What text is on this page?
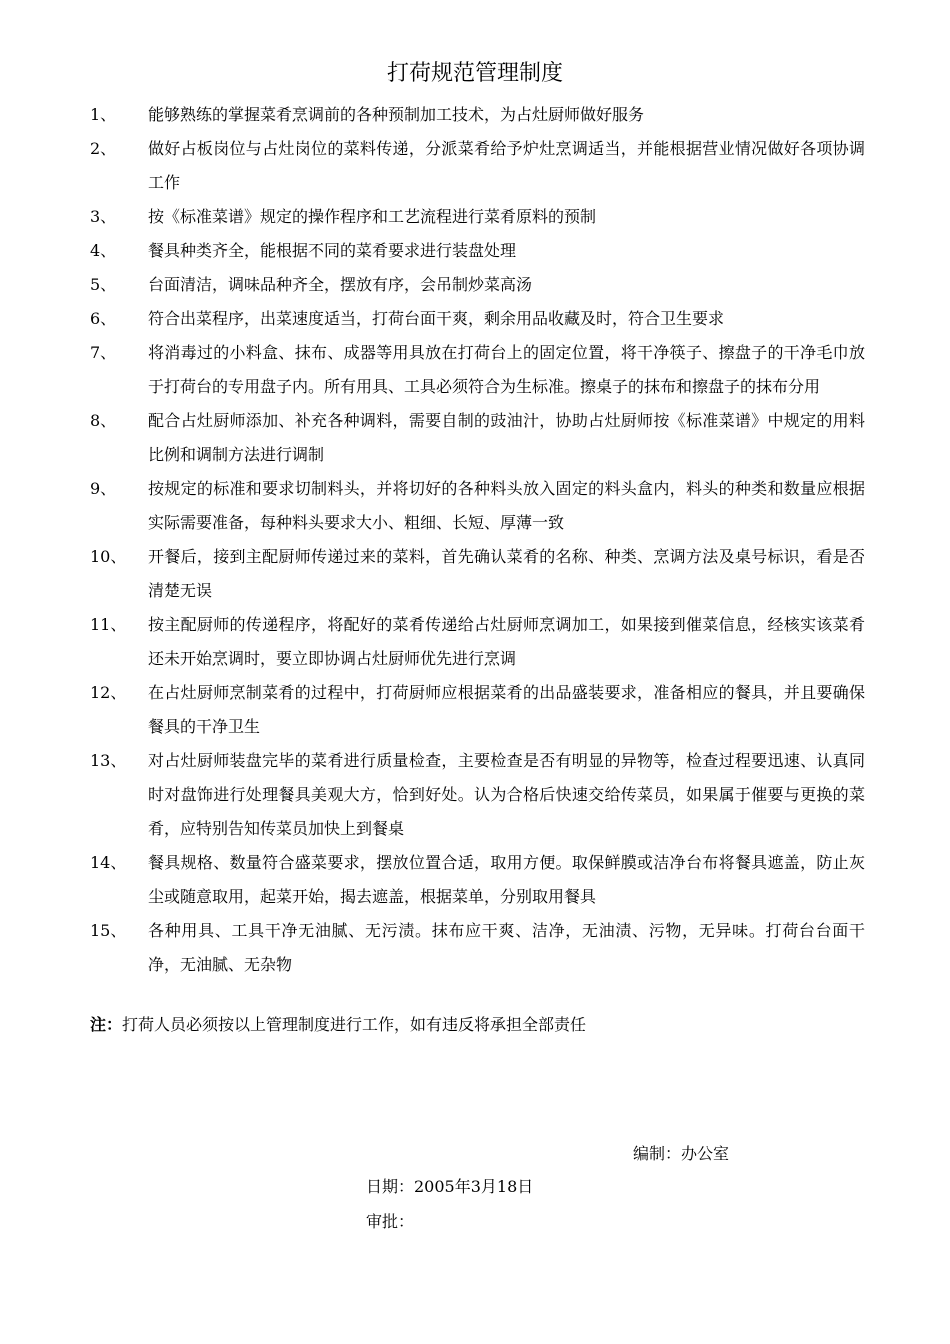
打荷规范管理制度
1、	能够熟练的掌握菜肴烹调前的各种预制加工技术，为占灶厨师做好服务
2、	做好占板岗位与占灶岗位的菜料传递，分派菜肴给予炉灶烹调适当，并能根据营业情况做好各项协调工作
3、	按《标准菜谱》规定的操作程序和工艺流程进行菜肴原料的预制
4、	餐具种类齐全，能根据不同的菜肴要求进行装盘处理
5、	台面清洁，调味品种齐全，摆放有序，会吊制炒菜高汤
6、	符合出菜程序，出菜速度适当，打荷台面干爽，剩余用品收藏及时，符合卫生要求
7、	将消毒过的小料盒、抹布、成器等用具放在打荷台上的固定位置，将干净筷子、擦盘子的干净毛巾放于打荷台的专用盘子内。所有用具、工具必须符合为生标准。擦桌子的抹布和擦盘子的抹布分用
8、	配合占灶厨师添加、补充各种调料，需要自制的豉油汁，协助占灶厨师按《标准菜谱》中规定的用料比例和调制方法进行调制
9、	按规定的标准和要求切制料头，并将切好的各种料头放入固定的料头盒内，料头的种类和数量应根据实际需要准备，每种料头要求大小、粗细、长短、厚薄一致
10、	开餐后，接到主配厨师传递过来的菜料，首先确认菜肴的名称、种类、烹调方法及桌号标识，看是否清楚无误
11、	按主配厨师的传递程序，将配好的菜肴传递给占灶厨师烹调加工，如果接到催菜信息，经核实该菜肴还未开始烹调时，要立即协调占灶厨师优先进行烹调
12、	在占灶厨师烹制菜肴的过程中，打荷厨师应根据菜肴的出品盛装要求，准备相应的餐具，并且要确保餐具的干净卫生
13、	对占灶厨师装盘完毕的菜肴进行质量检查，主要检查是否有明显的异物等，检查过程要迅速、认真同时对盘饰进行处理餐具美观大方，恰到好处。认为合格后快速交给传菜员，如果属于催要与更换的菜肴，应特别告知传菜员加快上到餐桌
14、	餐具规格、数量符合盛菜要求，摆放位置合适，取用方便。取保鲜膜或洁净台布将餐具遮盖，防止灰尘或随意取用，起菜开始，揭去遮盖，根据菜单，分别取用餐具
15、	各种用具、工具干净无油腻、无污渍。抹布应干爽、洁净，无油渍、污物，无异味。打荷台台面干净，无油腻、无杂物
注：打荷人员必须按以上管理制度进行工作，如有违反将承担全部责任
编制：办公室
日期：2005年3月18日
审批：
